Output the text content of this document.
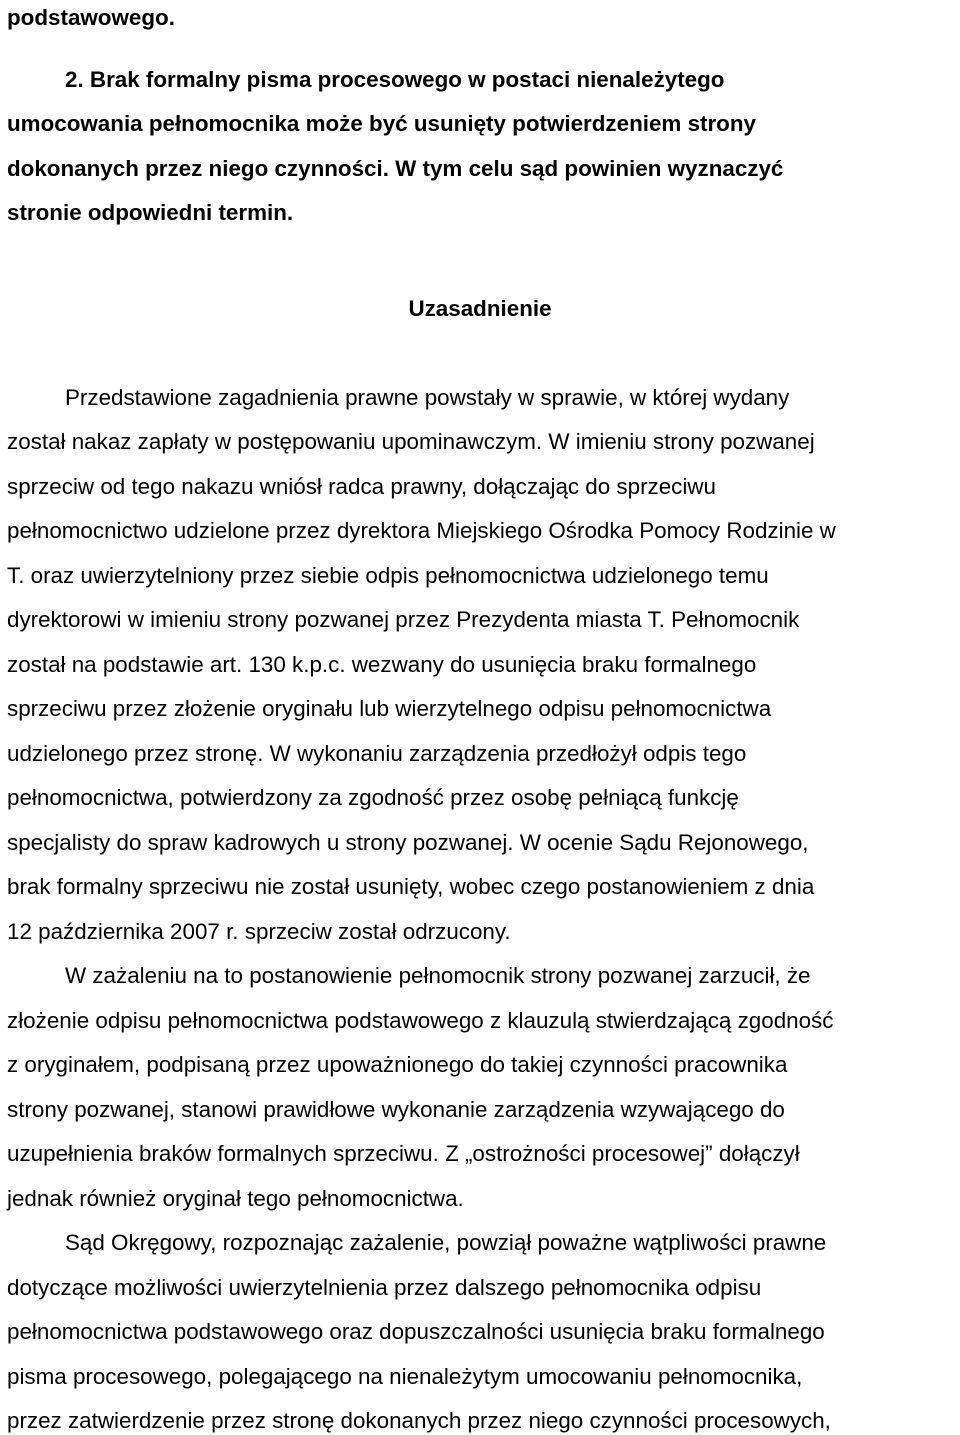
podstawowego.

2. Brak formalny pisma procesowego w postaci nienależytego

umocowania pełnomocnika może być usunięty potwierdzeniem strony

dokonanych przez niego czynności. W tym celu sąd powinien wyznaczyć

stronie odpowiedni termin.

Uzasadnienie

Przedstawione zagadnienia prawne powstały w sprawie, w której wydany

został nakaz zapłaty w postępowaniu upominawczym. W imieniu strony pozwanej

sprzeciw od tego nakazu wniósł radca prawny, dołączając do sprzeciwu

pełnomocnictwo udzielone przez dyrektora Miejskiego Ośrodka Pomocy Rodzinie w

T. oraz uwierzytelniony przez siebie odpis pełnomocnictwa udzielonego temu

dyrektorowi w imieniu strony pozwanej przez Prezydenta miasta T. Pełnomocnik

został na podstawie art. 130 k.p.c. wezwany do usunięcia braku formalnego

sprzeciwu przez złożenie oryginału lub wierzytelnego odpisu pełnomocnictwa

udzielonego przez stronę. W wykonaniu zarządzenia przedłożył odpis tego

pełnomocnictwa, potwierdzony za zgodność przez osobę pełniącą funkcję

specjalisty do spraw kadrowych u strony pozwanej. W ocenie Sądu Rejonowego,

brak formalny sprzeciwu nie został usunięty, wobec czego postanowieniem z dnia

12 października 2007 r. sprzeciw został odrzucony.

W zażaleniu na to postanowienie pełnomocnik strony pozwanej zarzucił, że

złożenie odpisu pełnomocnictwa podstawowego z klauzulą stwierdzającą zgodność

z oryginałem, podpisaną przez upoważnionego do takiej czynności pracownika

strony pozwanej, stanowi prawidłowe wykonanie zarządzenia wzywającego do

uzupełnienia braków formalnych sprzeciwu. Z „ostrożności procesowej” dołączył

jednak również oryginał tego pełnomocnictwa.

Sąd Okręgowy, rozpoznając zażalenie, powziął poważne wątpliwości prawne

dotyczące możliwości uwierzytelnienia przez dalszego pełnomocnika odpisu

pełnomocnictwa podstawowego oraz dopuszczalności usunięcia braku formalnego

pisma procesowego, polegającego na nienależytym umocowaniu pełnomocnika,

przez zatwierdzenie przez stronę dokonanych przez niego czynności procesowych,
